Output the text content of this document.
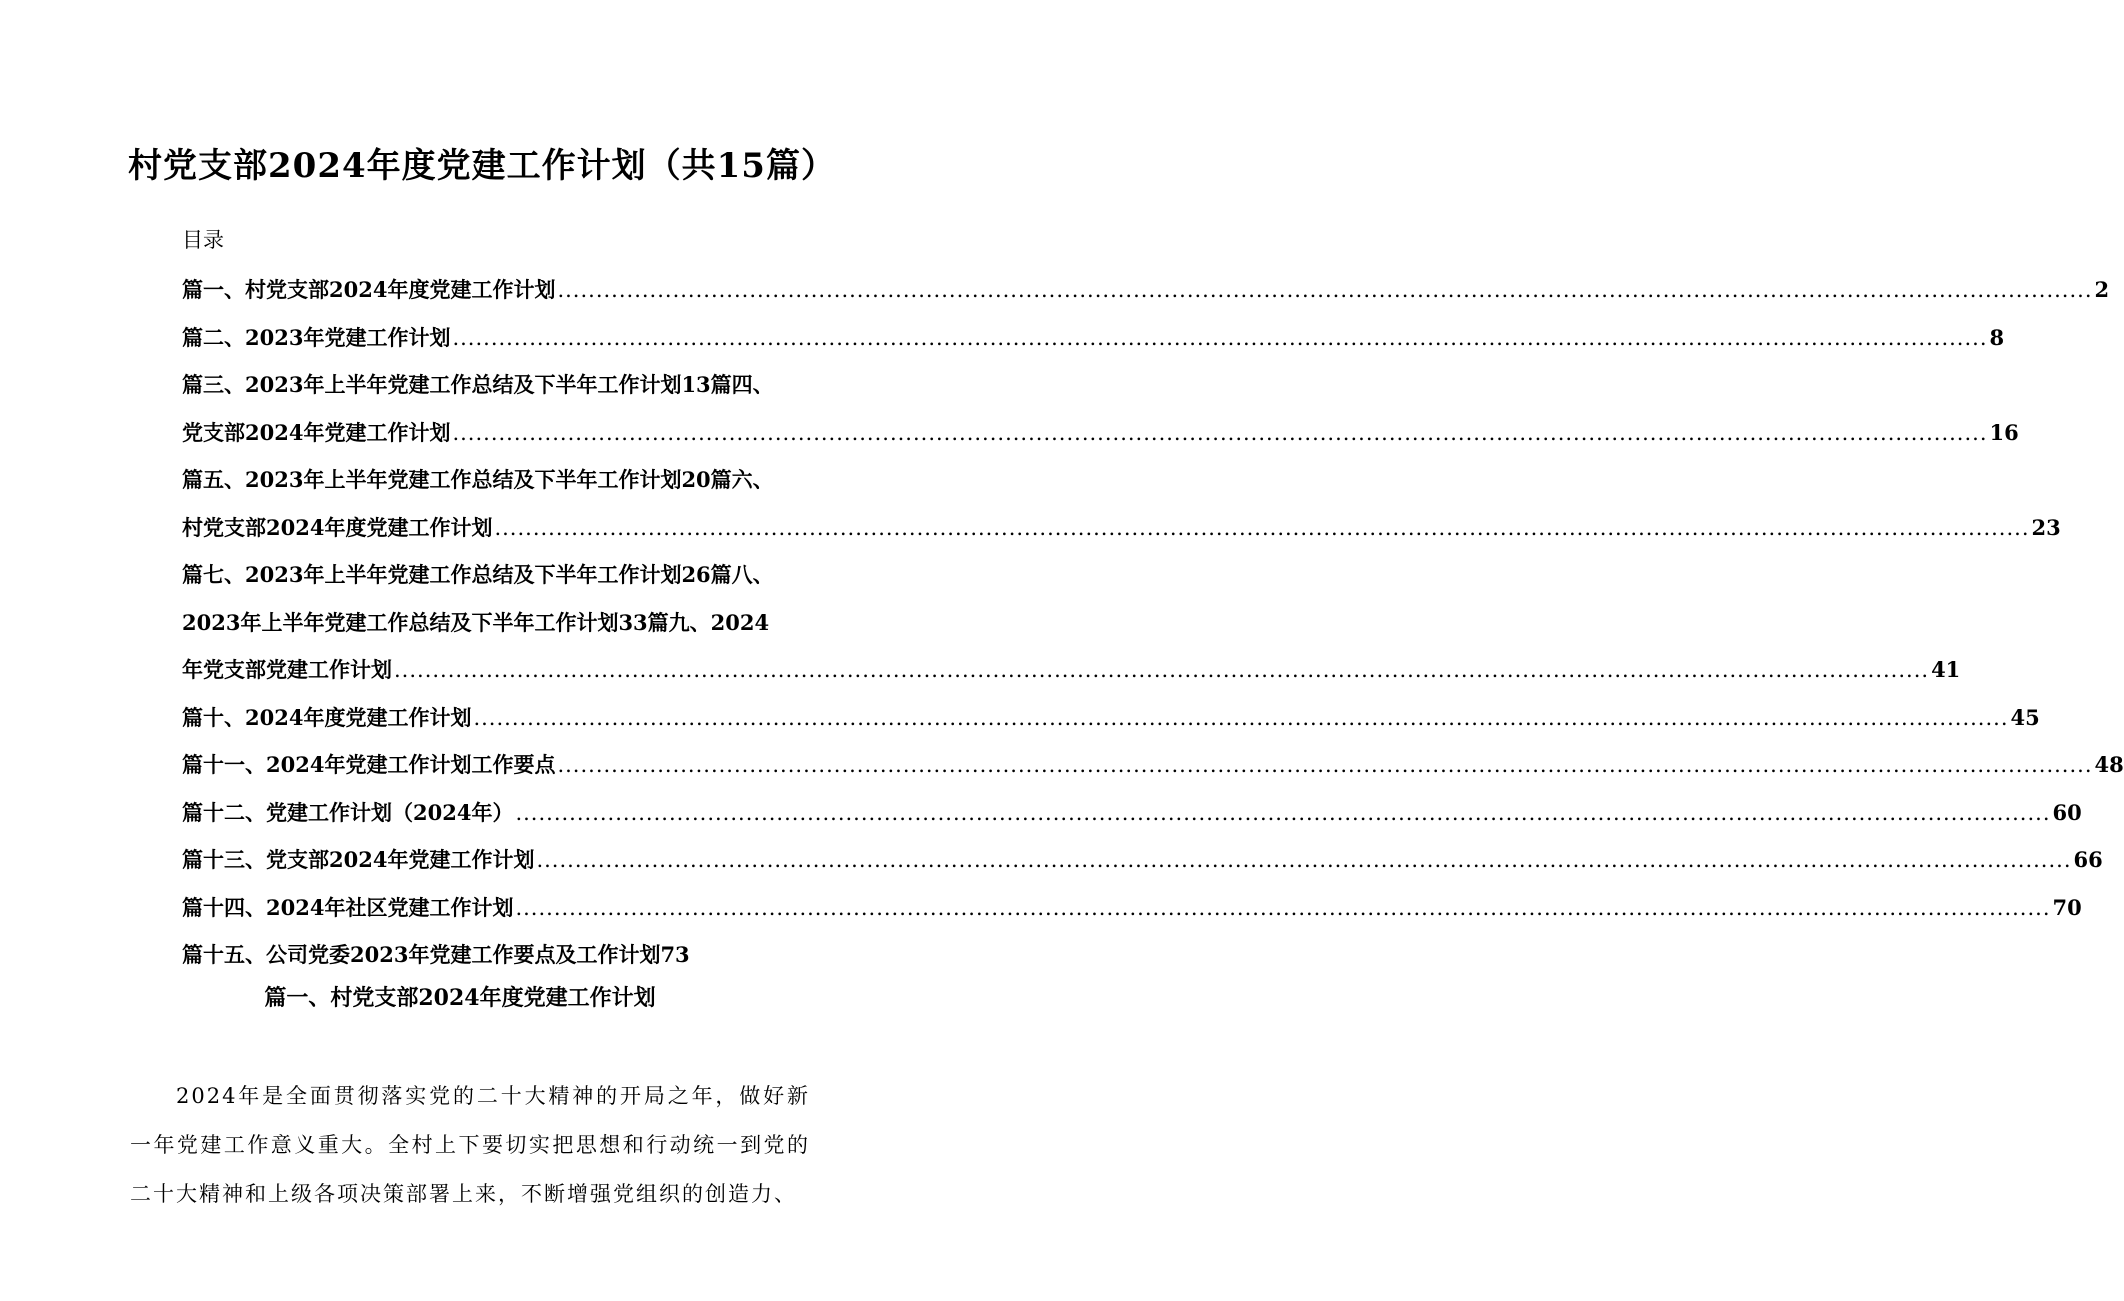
村党支部2024年度党建工作计划（共15篇）
目录
篇一、村党支部2024年度党建工作计划 ........................................................................................................................................................................................................ 2
篇二、2023年党建工作计划 ........................................................................................................................................................................................................ 8
篇三、2023年上半年党建工作总结及下半年工作计划13篇四、
党支部2024年党建工作计划 ........................................................................................................................................................................................................ 16
篇五、2023年上半年党建工作总结及下半年工作计划20篇六、
村党支部2024年度党建工作计划 ........................................................................................................................................................................................................ 23
篇七、2023年上半年党建工作总结及下半年工作计划26篇八、
2023年上半年党建工作总结及下半年工作计划33篇九、2024
年党支部党建工作计划 ........................................................................................................................................................................................................ 41
篇十、2024年度党建工作计划 ........................................................................................................................................................................................................ 45
篇十一、2024年党建工作计划工作要点 ........................................................................................................................................................................................................ 48
篇十二、党建工作计划（2024年） ........................................................................................................................................................................................................ 60
篇十三、党支部2024年党建工作计划 ........................................................................................................................................................................................................ 66
篇十四、2024年社区党建工作计划 ........................................................................................................................................................................................................ 70
篇十五、公司党委2023年党建工作要点及工作计划73
篇一、村党支部2024年度党建工作计划

2024年是全面贯彻落实党的二十大精神的开局之年，做好新一年党建工作意义重大。全村上下要切实把思想和行动统一到党的二十大精神和上级各项决策部署上来，不断增强党组织的创造力、
